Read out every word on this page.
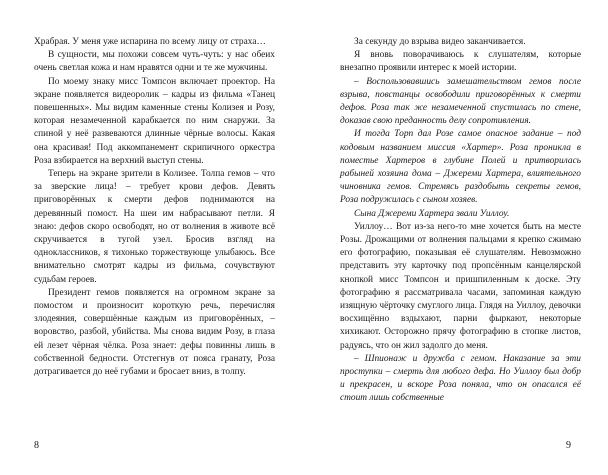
Храбрая. У меня уже испарина по всему лицу от страха…

В сущности, мы похожи совсем чуть-чуть: у нас обеих очень светлая кожа и нам нравятся одни и те же мужчины.

По моему знаку мисс Томпсон включает проектор. На экране появляется видеоролик – кадры из фильма «Танец повешенных». Мы видим каменные стены Колизея и Розу, которая незамеченной карабкается по ним снаружи. За спиной у неё развеваются длинные чёрные волосы. Какая она красивая! Под аккомпанемент скрипичного оркестра Роза взбирается на верхний выступ стены.

Теперь на экране зрители в Колизее. Толпа гемов – что за зверские лица! – требует крови дефов. Девять приговорённых к смерти дефов поднимаются на деревянный помост. На шеи им набрасывают петли. Я знаю: дефов скоро освободят, но от волнения в животе всё скручивается в тугой узел. Бросив взгляд на одноклассников, я тихонько торжествующе улыбаюсь. Все внимательно смотрят кадры из фильма, сочувствуют судьбам героев.

Президент гемов появляется на огромном экране за помостом и произносит короткую речь, перечисляя злодеяния, совершённые каждым из приговорённых, – воровство, разбой, убийства. Мы снова видим Розу, в глаза ей лезет чёрная чёлка. Роза знает: дефы повинны лишь в собственной бедности. Отстегнув от пояса гранату, Роза дотрагивается до неё губами и бросает вниз, в толпу.

За секунду до взрыва видео заканчивается.

Я вновь поворачиваюсь к слушателям, которые внезапно проявили интерес к моей истории.

– Воспользовавшись замешательством гемов после взрыва, повстанцы освободили приговорённых к смерти дефов. Роза так же незамеченной спустилась по стене, доказав свою преданность делу сопротивления.

И тогда Торп дал Розе самое опасное задание – под кодовым названием миссия «Хартер». Роза проникла в поместье Хартеров в глубине Полей и притворилась рабыней хозяина дома – Джереми Хартера, влиятельного чиновника гемов. Стремясь раздобыть секреты гемов, Роза подружилась с сыном хозяев.

Сына Джереми Хартера звали Уиллоу.

Уиллоу… Вот из-за него-то мне хочется быть на месте Розы. Дрожащими от волнения пальцами я крепко сжимаю его фотографию, показывая её слушателям. Невозможно представить эту карточку под пропсённым канцелярской кнопкой мисс Томпсон и пришпиленным к доске. Эту фотографию я рассматривала часами, запоминая каждую изящную чёрточку смуглого лица. Глядя на Уиллоу, девочки восхищённо вздыхают, парни фыркают, некоторые хихикают. Осторожно прячу фотографию в стопке листов, радуясь, что он жил задолго до меня.

– Шпионаж и дружба с гемом. Наказание за эти проступки – смерть для любого дефа. Но Уиллоу был добр и прекрасен, и вскоре Роза поняла, что он опасался её стоит лишь собственные

8	9
